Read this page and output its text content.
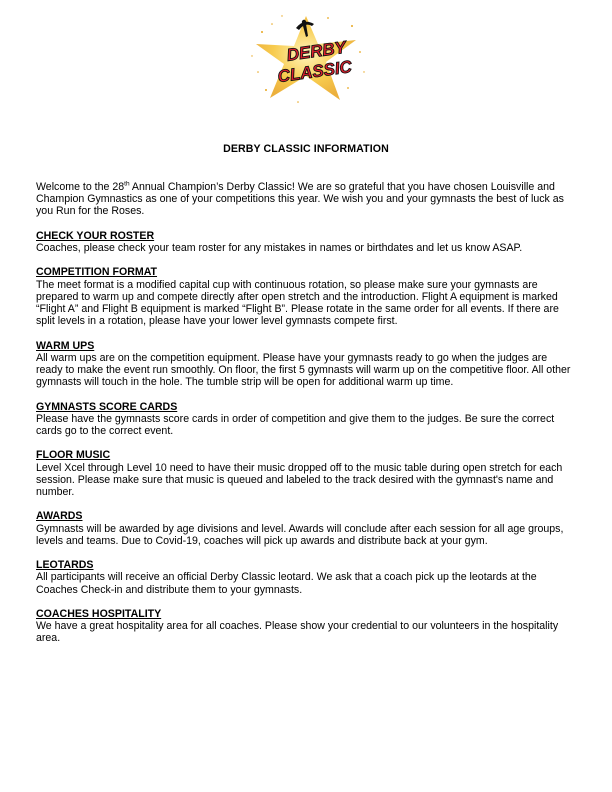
DERBY
CLASSIC
DERBY CLASSIC INFORMATION

Welcome to the 28th Annual Champion’s Derby Classic! We are so grateful that you have chosen Louisville and Champion Gymnastics as one of your competitions this year. We wish you and your gymnasts the best of luck as you Run for the Roses.

CHECK YOUR ROSTER

Coaches, please check your team roster for any mistakes in names or birthdates and let us know ASAP.

COMPETITION FORMAT

The meet format is a modified capital cup with continuous rotation, so please make sure your gymnasts are prepared to warm up and compete directly after open stretch and the introduction. Flight A equipment is marked “Flight A” and Flight B equipment is marked “Flight B”. Please rotate in the same order for all events. If there are split levels in a rotation, please have your lower level gymnasts compete first.

WARM UPS

All warm ups are on the competition equipment. Please have your gymnasts ready to go when the judges are ready to make the event run smoothly. On floor, the first 5 gymnasts will warm up on the competitive floor. All other gymnasts will touch in the hole. The tumble strip will be open for additional warm up time.

GYMNASTS SCORE CARDS

Please have the gymnasts score cards in order of competition and give them to the judges. Be sure the correct cards go to the correct event.

FLOOR MUSIC

Level Xcel through Level 10 need to have their music dropped off to the music table during open stretch for each session. Please make sure that music is queued and labeled to the track desired with the gymnast's name and number.

AWARDS

Gymnasts will be awarded by age divisions and level. Awards will conclude after each session for all age groups, levels and teams. Due to Covid-19, coaches will pick up awards and distribute back at your gym.

LEOTARDS

All participants will receive an official Derby Classic leotard. We ask that a coach pick up the leotards at the Coaches Check-in and distribute them to your gymnasts.

COACHES HOSPITALITY

We have a great hospitality area for all coaches. Please show your credential to our volunteers in the hospitality area.
